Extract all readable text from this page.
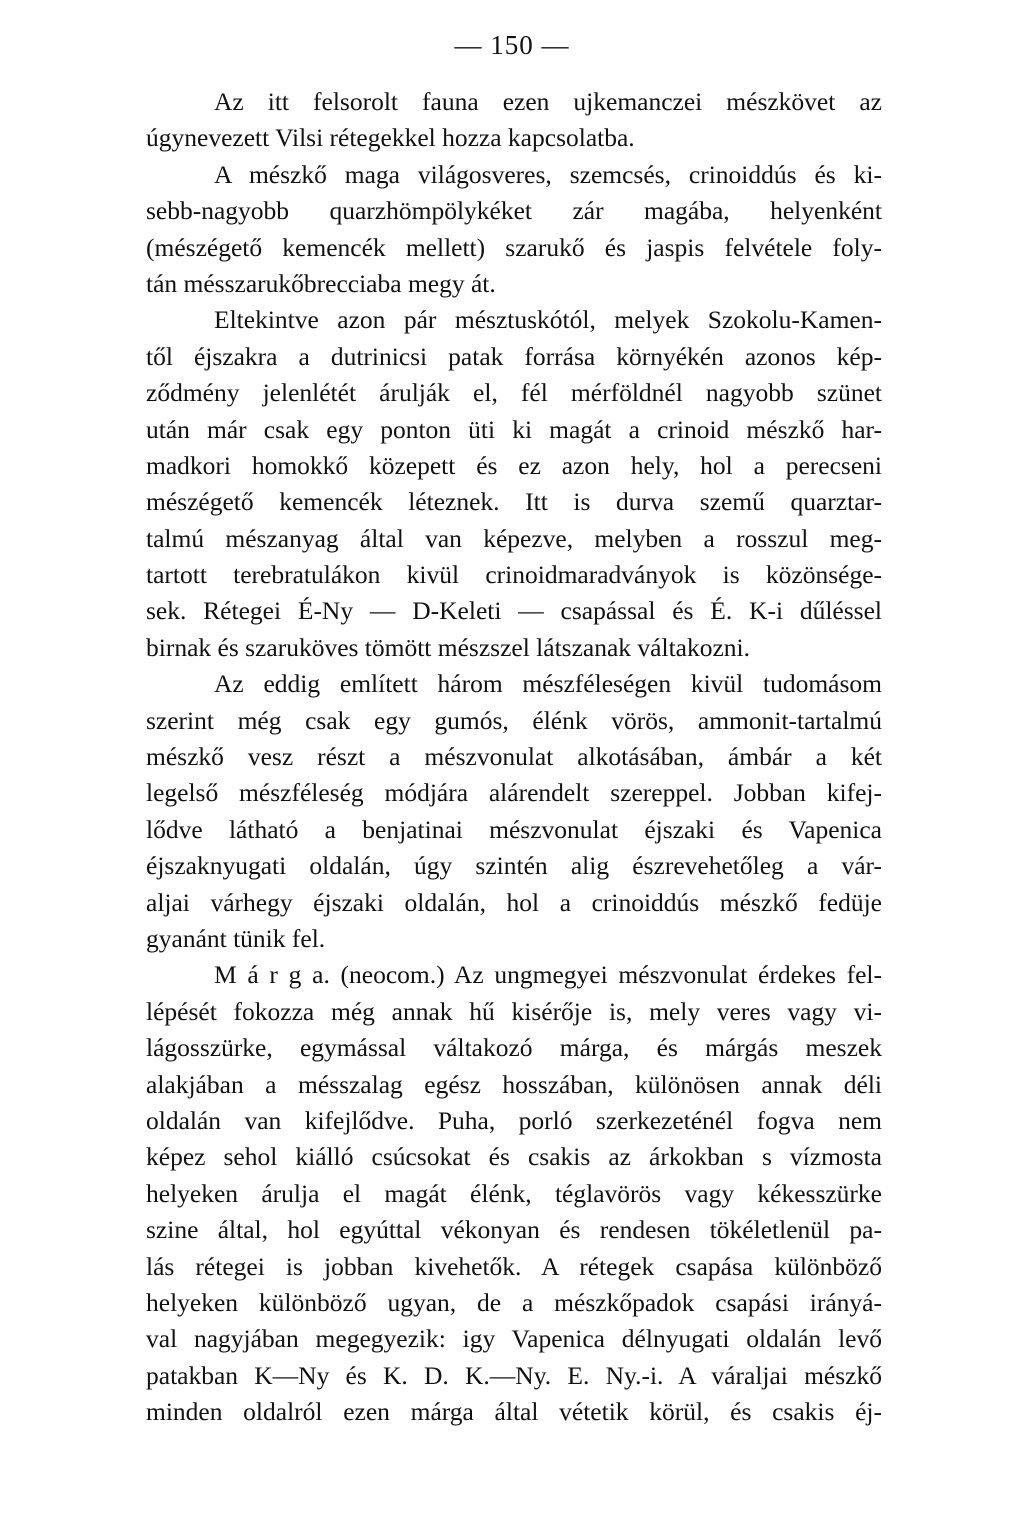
— 150 —
Az itt felsorolt fauna ezen ujkemanczei mészkövet az
úgynevezett Vilsi rétegekkel hozza kapcsolatba.
A mészkő maga világosveres, szemcsés, crinoiddús és ki-
sebb-nagyobb quarzhömpölykéket zár magába, helyenként
(mészégető kemencék mellett) szarukő és jaspis felvétele foly-
tán mésszarukőbrecciaba megy át.
Eltekintve azon pár mésztuskótól, melyek Szokolu-Kamen-
től éjszakra a dutrinicsi patak forrása környékén azonos kép-
ződmény jelenlétét árulják el, fél mérföldnél nagyobb szünet
után már csak egy ponton üti ki magát a crinoid mészkő har-
madkori homokkő közepett és ez azon hely, hol a perecseni
mészégető kemencék léteznek. Itt is durva szemű quarztar-
talmú mészanyag által van képezve, melyben a rosszul meg-
tartott terebratulákon kivül crinoidmaradványok is közönsége-
sek. Rétegei É-Ny — D-Keleti — csapással és É. K-i dűléssel
birnak és szaruköves tömött mészszel látszanak váltakozni.
Az eddig említett három mészféleségen kivül tudomásom
szerint még csak egy gumós, élénk vörös, ammonit-tartalmú
mészkő vesz részt a mészvonulat alkotásában, ámbár a két
legelső mészféleség módjára alárendelt szereppel. Jobban kifej-
lődve látható a benjatinai mészvonulat éjszaki és Vapenica
éjszaknyugati oldalán, úgy szintén alig észrevehetőleg a vár-
aljai várhegy éjszaki oldalán, hol a crinoiddús mészkő fedüje
gyanánt tünik fel.
M á r g a. (neocom.) Az ungmegyei mészvonulat érdekes fel-
lépését fokozza még annak hű kisérője is, mely veres vagy vi-
lágosszürke, egymással váltakozó márga, és márgás meszek
alakjában a mésszalag egész hosszában, különösen annak déli
oldalán van kifejlődve. Puha, porló szerkezeténél fogva nem
képez sehol kiálló csúcsokat és csakis az árkokban s vízmosta
helyeken árulja el magát élénk, téglavörös vagy kékesszürke
szine által, hol egyúttal vékonyan és rendesen tökéletlenül pa-
lás rétegei is jobban kivehetők. A rétegek csapása különböző
helyeken különböző ugyan, de a mészkőpadok csapási irányá-
val nagyjában megegyezik: igy Vapenica délnyugati oldalán levő
patakban K—Ny és K. D. K.—Ny. E. Ny.-i. A váraljai mészkő
minden oldalról ezen márga által vétetik körül, és csakis éj-
